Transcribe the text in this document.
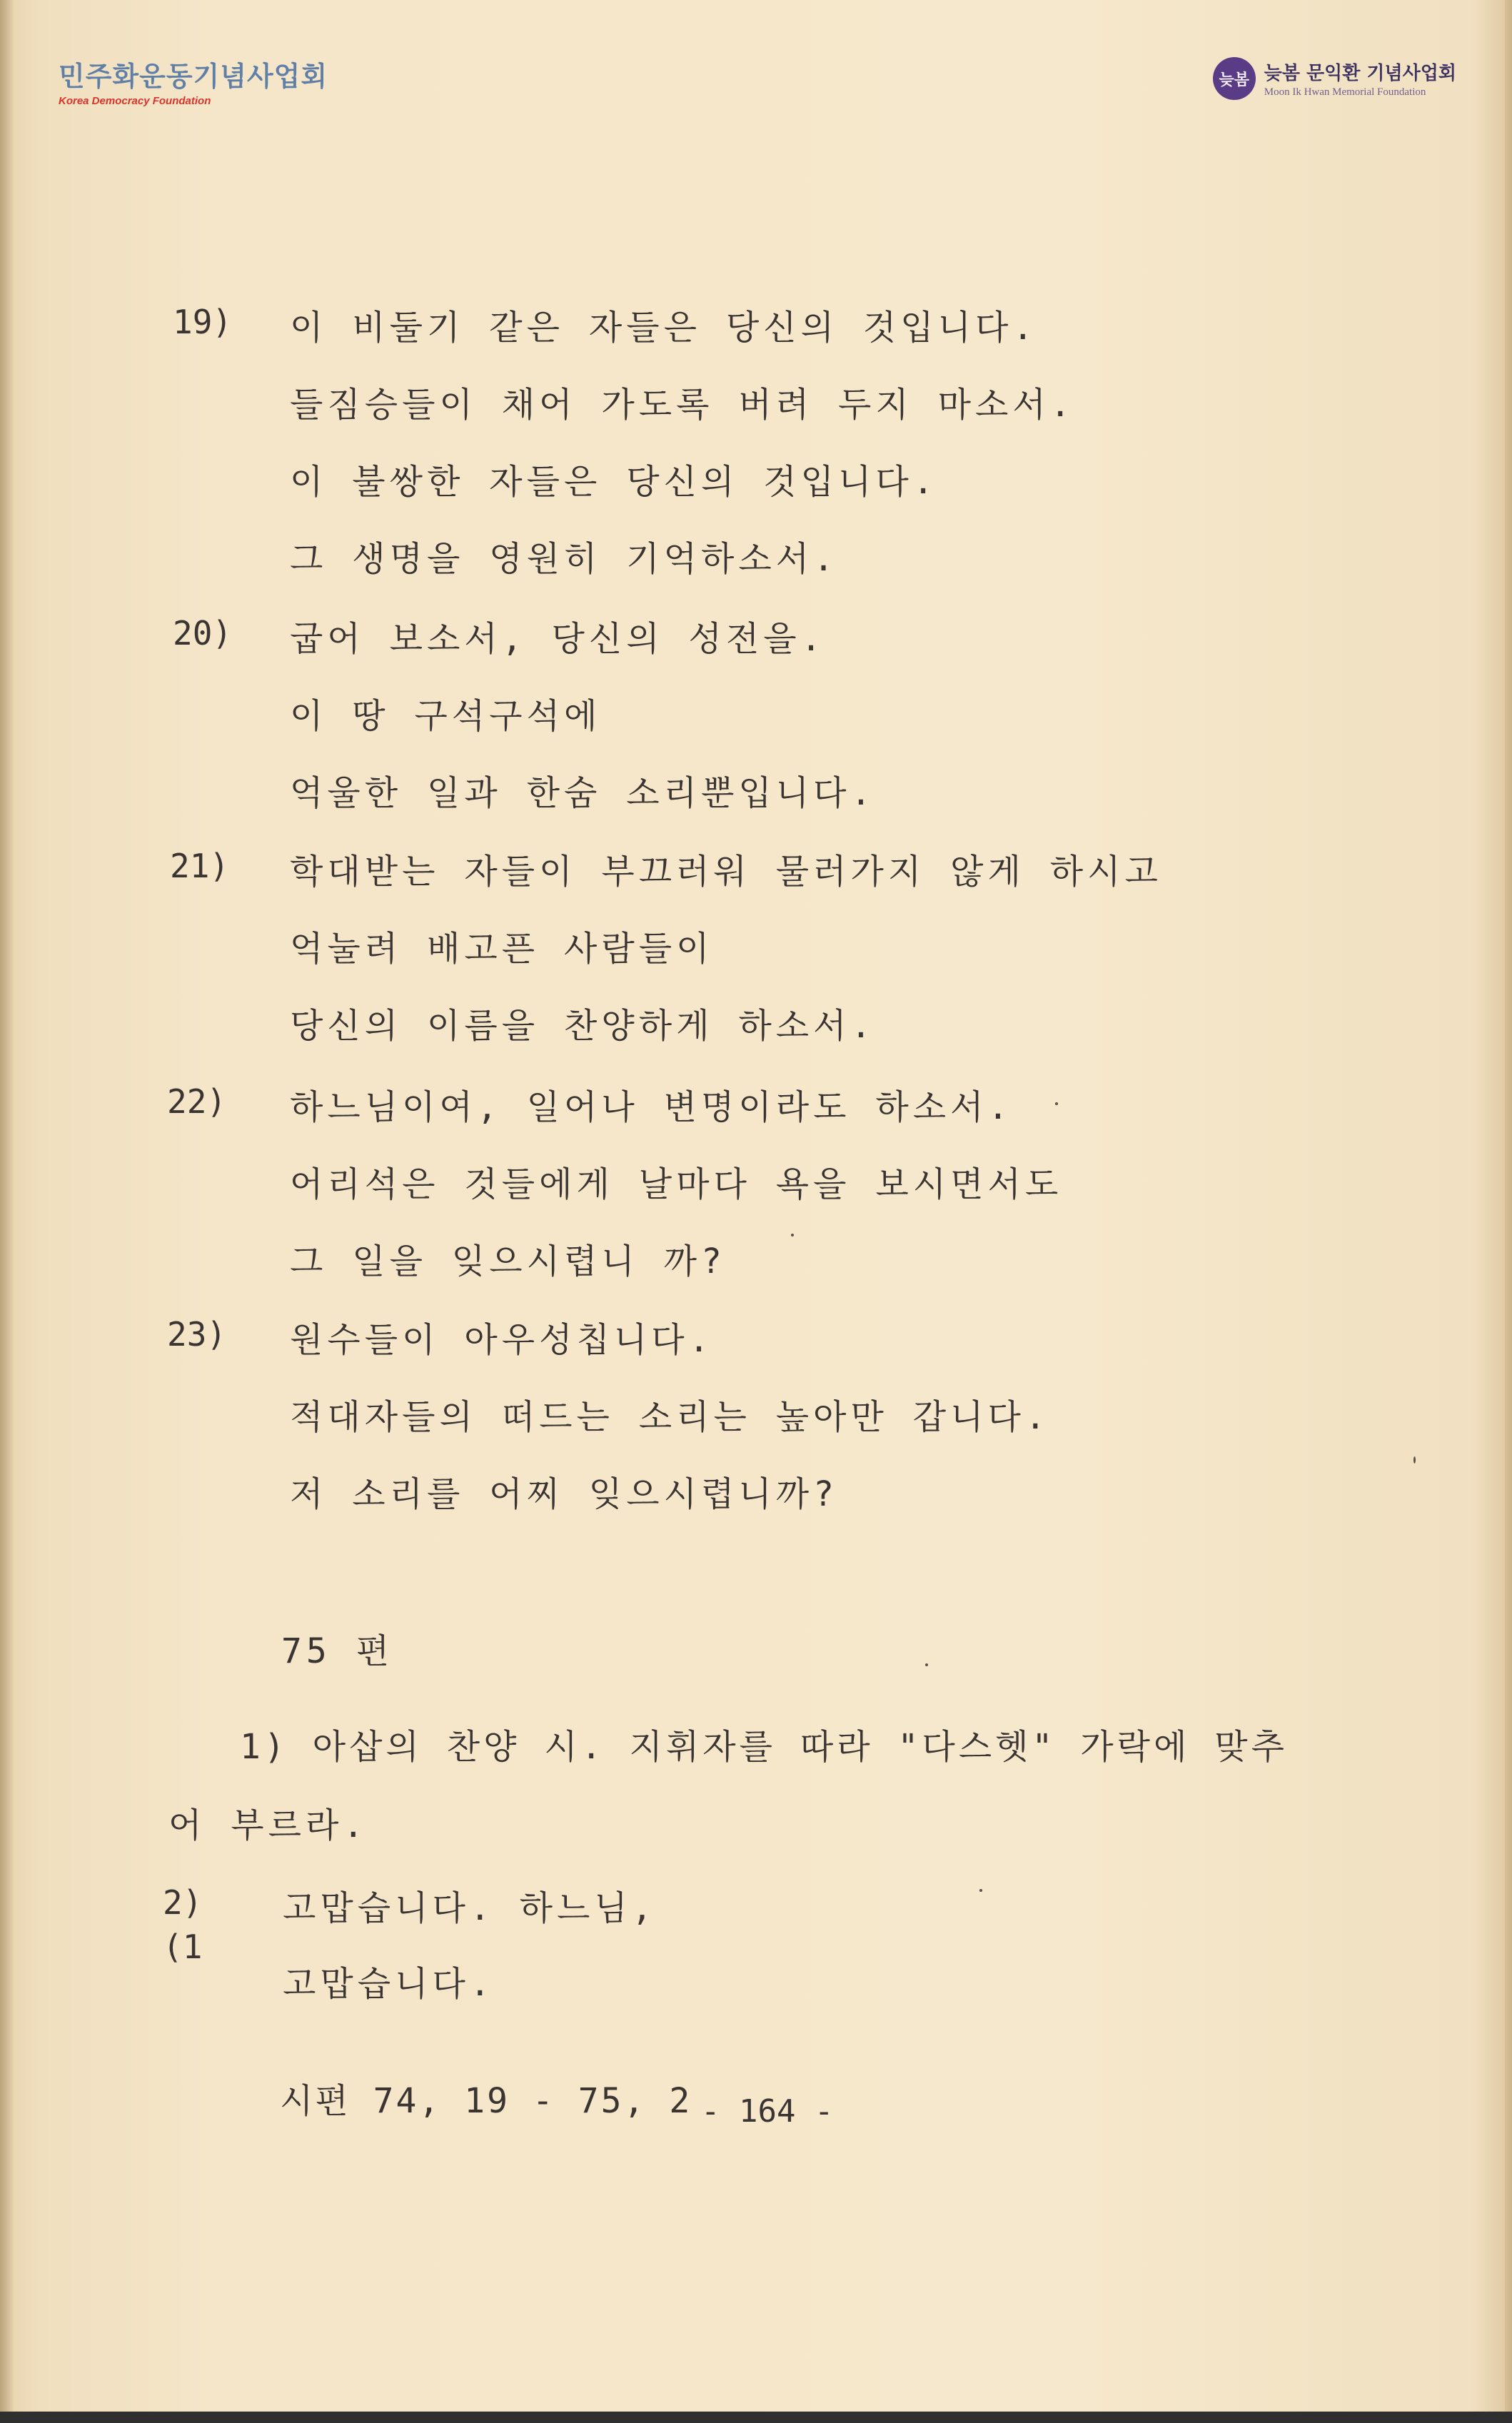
민주화운동기념사업회
Korea Democracy Foundation
늦봄 늦봄 문익환 기념사업회
Moon Ik Hwan Memorial Foundation
19) 이 비둘기 같은 자들은 당신의 것입니다.
들짐승들이 채어 가도록 버려 두지 마소서.
이 불쌍한 자들은 당신의 것입니다.
그 생명을 영원히 기억하소서.
20) 굽어 보소서, 당신의 성전을.
이 땅 구석구석에
억울한 일과 한숨 소리뿐입니다.
21) 학대받는 자들이 부끄러워 물러가지 않게 하시고
억눌려 배고픈 사람들이
당신의 이름을 찬양하게 하소서.
22) 하느님이여, 일어나 변명이라도 하소서.
어리석은 것들에게 날마다 욕을 보시면서도
그 일을 잊으시렵니 까?
23) 원수들이 아우성칩니다.
적대자들의 떠드는 소리는 높아만 갑니다.
저 소리를 어찌 잊으시렵니까?
75 편
1) 아삽의 찬양 시. 지휘자를 따라 "다스헷" 가락에 맞추
어 부르라.
2)
(1
고맙습니다. 하느님,
고맙습니다.
시편 74, 19 - 75, 2 - 164 -
